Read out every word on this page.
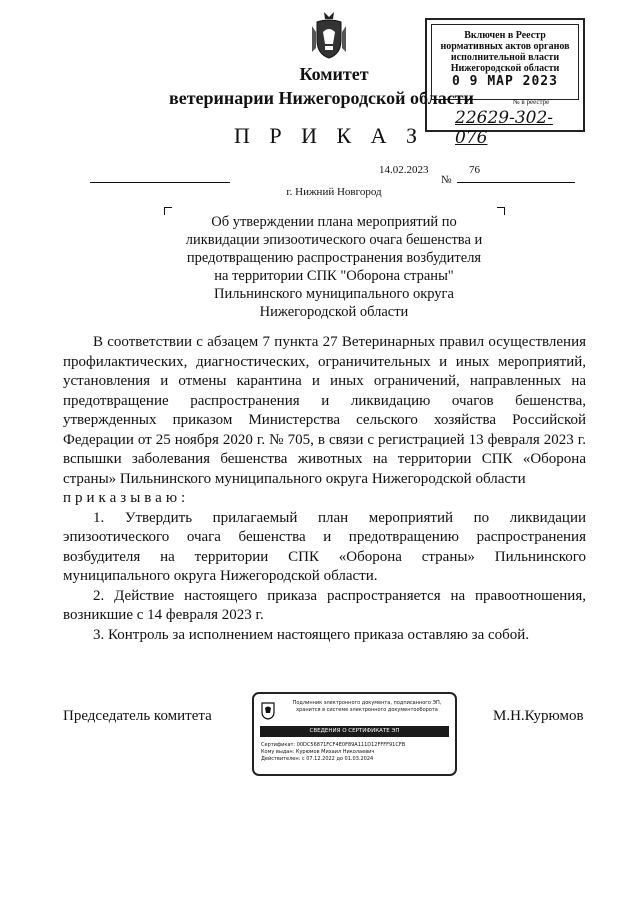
Включен в Реестр
нормативных актов органов
исполнительной власти
Нижегородской области
0 9 МАР 2023
№ в реестре
22629-302-076
Комитет
ветеринарии Нижегородской области
П Р И К А З
14.02.2023	76
№
г. Нижний Новгород
Об утверждении плана мероприятий по
ликвидации эпизоотического очага бешенства и
предотвращению распространения возбудителя
на территории СПК "Оборона страны"
Пильнинского муниципального округа
Нижегородской области

В соответствии с абзацем 7 пункта 27 Ветеринарных правил осуществления профилактических, диагностических, ограничительных и иных мероприятий, установления и отмены карантина и иных ограничений, направленных на предотвращение распространения и ликвидацию очагов бешенства, утвержденных приказом Министерства сельского хозяйства Российской Федерации от 25 ноября 2020 г. № 705, в связи с регистрацией 13 февраля 2023 г. вспышки заболевания бешенства животных на территории СПК «Оборона страны» Пильнинского муниципального округа Нижегородской области

приказываю:

1. Утвердить прилагаемый план мероприятий по ликвидации эпизоотического очага бешенства и предотвращению распространения возбудителя на территории СПК «Оборона страны» Пильнинского муниципального округа Нижегородской области.

2. Действие настоящего приказа распространяется на правоотношения, возникшие с 14 февраля 2023 г.

3. Контроль за исполнением настоящего приказа оставляю за собой.

Председатель комитета	М.Н.Курюмов
Подлинник электронного документа, подписанного ЭП,
хранится в системе электронного документооборота
СВЕДЕНИЯ О СЕРТИФИКАТЕ ЭП
Сертификат: 00DC56871FCF4E0F89A111D12FFFF91CFB
Кому выдан: Курюмов Михаил Николаевич
Действителен: с 07.12.2022 до 01.03.2024
